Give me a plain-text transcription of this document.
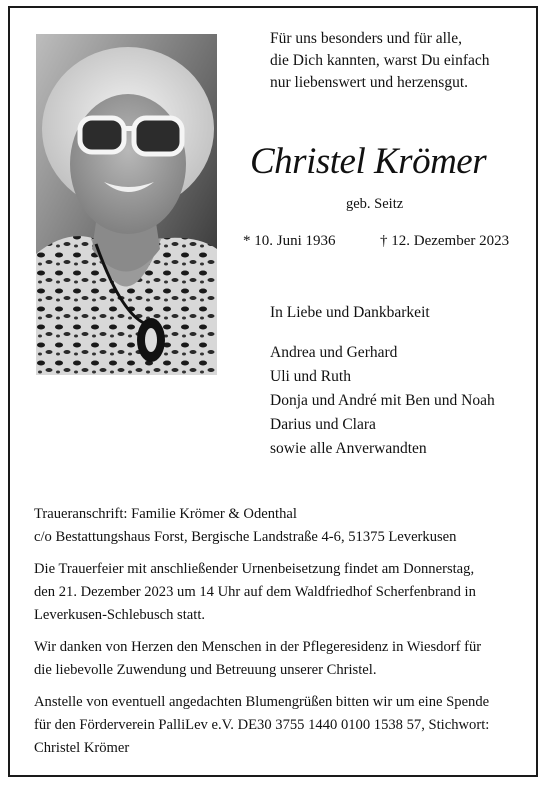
Für uns besonders und für alle,
die Dich kannten, warst Du einfach
nur liebenswert und herzensgut.
Christel Krömer
geb. Seitz
* 10. Juni 1936	† 12. Dezember 2023
In Liebe und Dankbarkeit
Andrea und Gerhard
Uli und Ruth
Donja und André mit Ben und Noah
Darius und Clara
sowie alle Anverwandten

Traueranschrift: Familie Krömer & Odenthal
c/o Bestattungshaus Forst, Bergische Landstraße 4-6, 51375 Leverkusen

Die Trauerfeier mit anschließender Urnenbeisetzung findet am Donnerstag,
den 21. Dezember 2023 um 14 Uhr auf dem Waldfriedhof Scherfenbrand in
Leverkusen-Schlebusch statt.

Wir danken von Herzen den Menschen in der Pflegeresidenz in Wiesdorf für
die liebevolle Zuwendung und Betreuung unserer Christel.

Anstelle von eventuell angedachten Blumengrüßen bitten wir um eine Spende
für den Förderverein PalliLev e.V. DE30 3755 1440 0100 1538 57, Stichwort:
Christel Krömer
